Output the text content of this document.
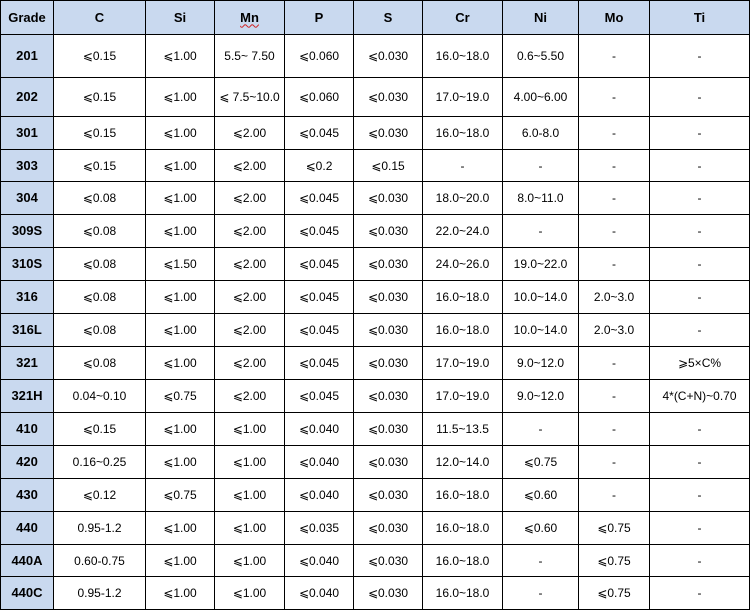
Grade	C	Si	Mn	P	S	Cr	Ni	Mo	Ti
201	⩽0.15	⩽1.00	5.5~ 7.50	⩽0.060	⩽0.030	16.0~18.0	0.6~5.50	-	-
202	⩽0.15	⩽1.00	⩽ 7.5~10.0	⩽0.060	⩽0.030	17.0~19.0	4.00~6.00	-	-
301	⩽0.15	⩽1.00	⩽2.00	⩽0.045	⩽0.030	16.0~18.0	6.0-8.0	-	-
303	⩽0.15	⩽1.00	⩽2.00	⩽0.2	⩽0.15	-	-	-	-
304	⩽0.08	⩽1.00	⩽2.00	⩽0.045	⩽0.030	18.0~20.0	8.0~11.0	-	-
309S	⩽0.08	⩽1.00	⩽2.00	⩽0.045	⩽0.030	22.0~24.0	-	-	-
310S	⩽0.08	⩽1.50	⩽2.00	⩽0.045	⩽0.030	24.0~26.0	19.0~22.0	-	-
316	⩽0.08	⩽1.00	⩽2.00	⩽0.045	⩽0.030	16.0~18.0	10.0~14.0	2.0~3.0	-
316L	⩽0.08	⩽1.00	⩽2.00	⩽0.045	⩽0.030	16.0~18.0	10.0~14.0	2.0~3.0	-
321	⩽0.08	⩽1.00	⩽2.00	⩽0.045	⩽0.030	17.0~19.0	9.0~12.0	-	⩾5×C%
321H	0.04~0.10	⩽0.75	⩽2.00	⩽0.045	⩽0.030	17.0~19.0	9.0~12.0	-	4*(C+N)~0.70
410	⩽0.15	⩽1.00	⩽1.00	⩽0.040	⩽0.030	11.5~13.5	-	-	-
420	0.16~0.25	⩽1.00	⩽1.00	⩽0.040	⩽0.030	12.0~14.0	⩽0.75	-	-
430	⩽0.12	⩽0.75	⩽1.00	⩽0.040	⩽0.030	16.0~18.0	⩽0.60	-	-
440	0.95-1.2	⩽1.00	⩽1.00	⩽0.035	⩽0.030	16.0~18.0	⩽0.60	⩽0.75	-
440A	0.60-0.75	⩽1.00	⩽1.00	⩽0.040	⩽0.030	16.0~18.0	-	⩽0.75	-
440C	0.95-1.2	⩽1.00	⩽1.00	⩽0.040	⩽0.030	16.0~18.0	-	⩽0.75	-
